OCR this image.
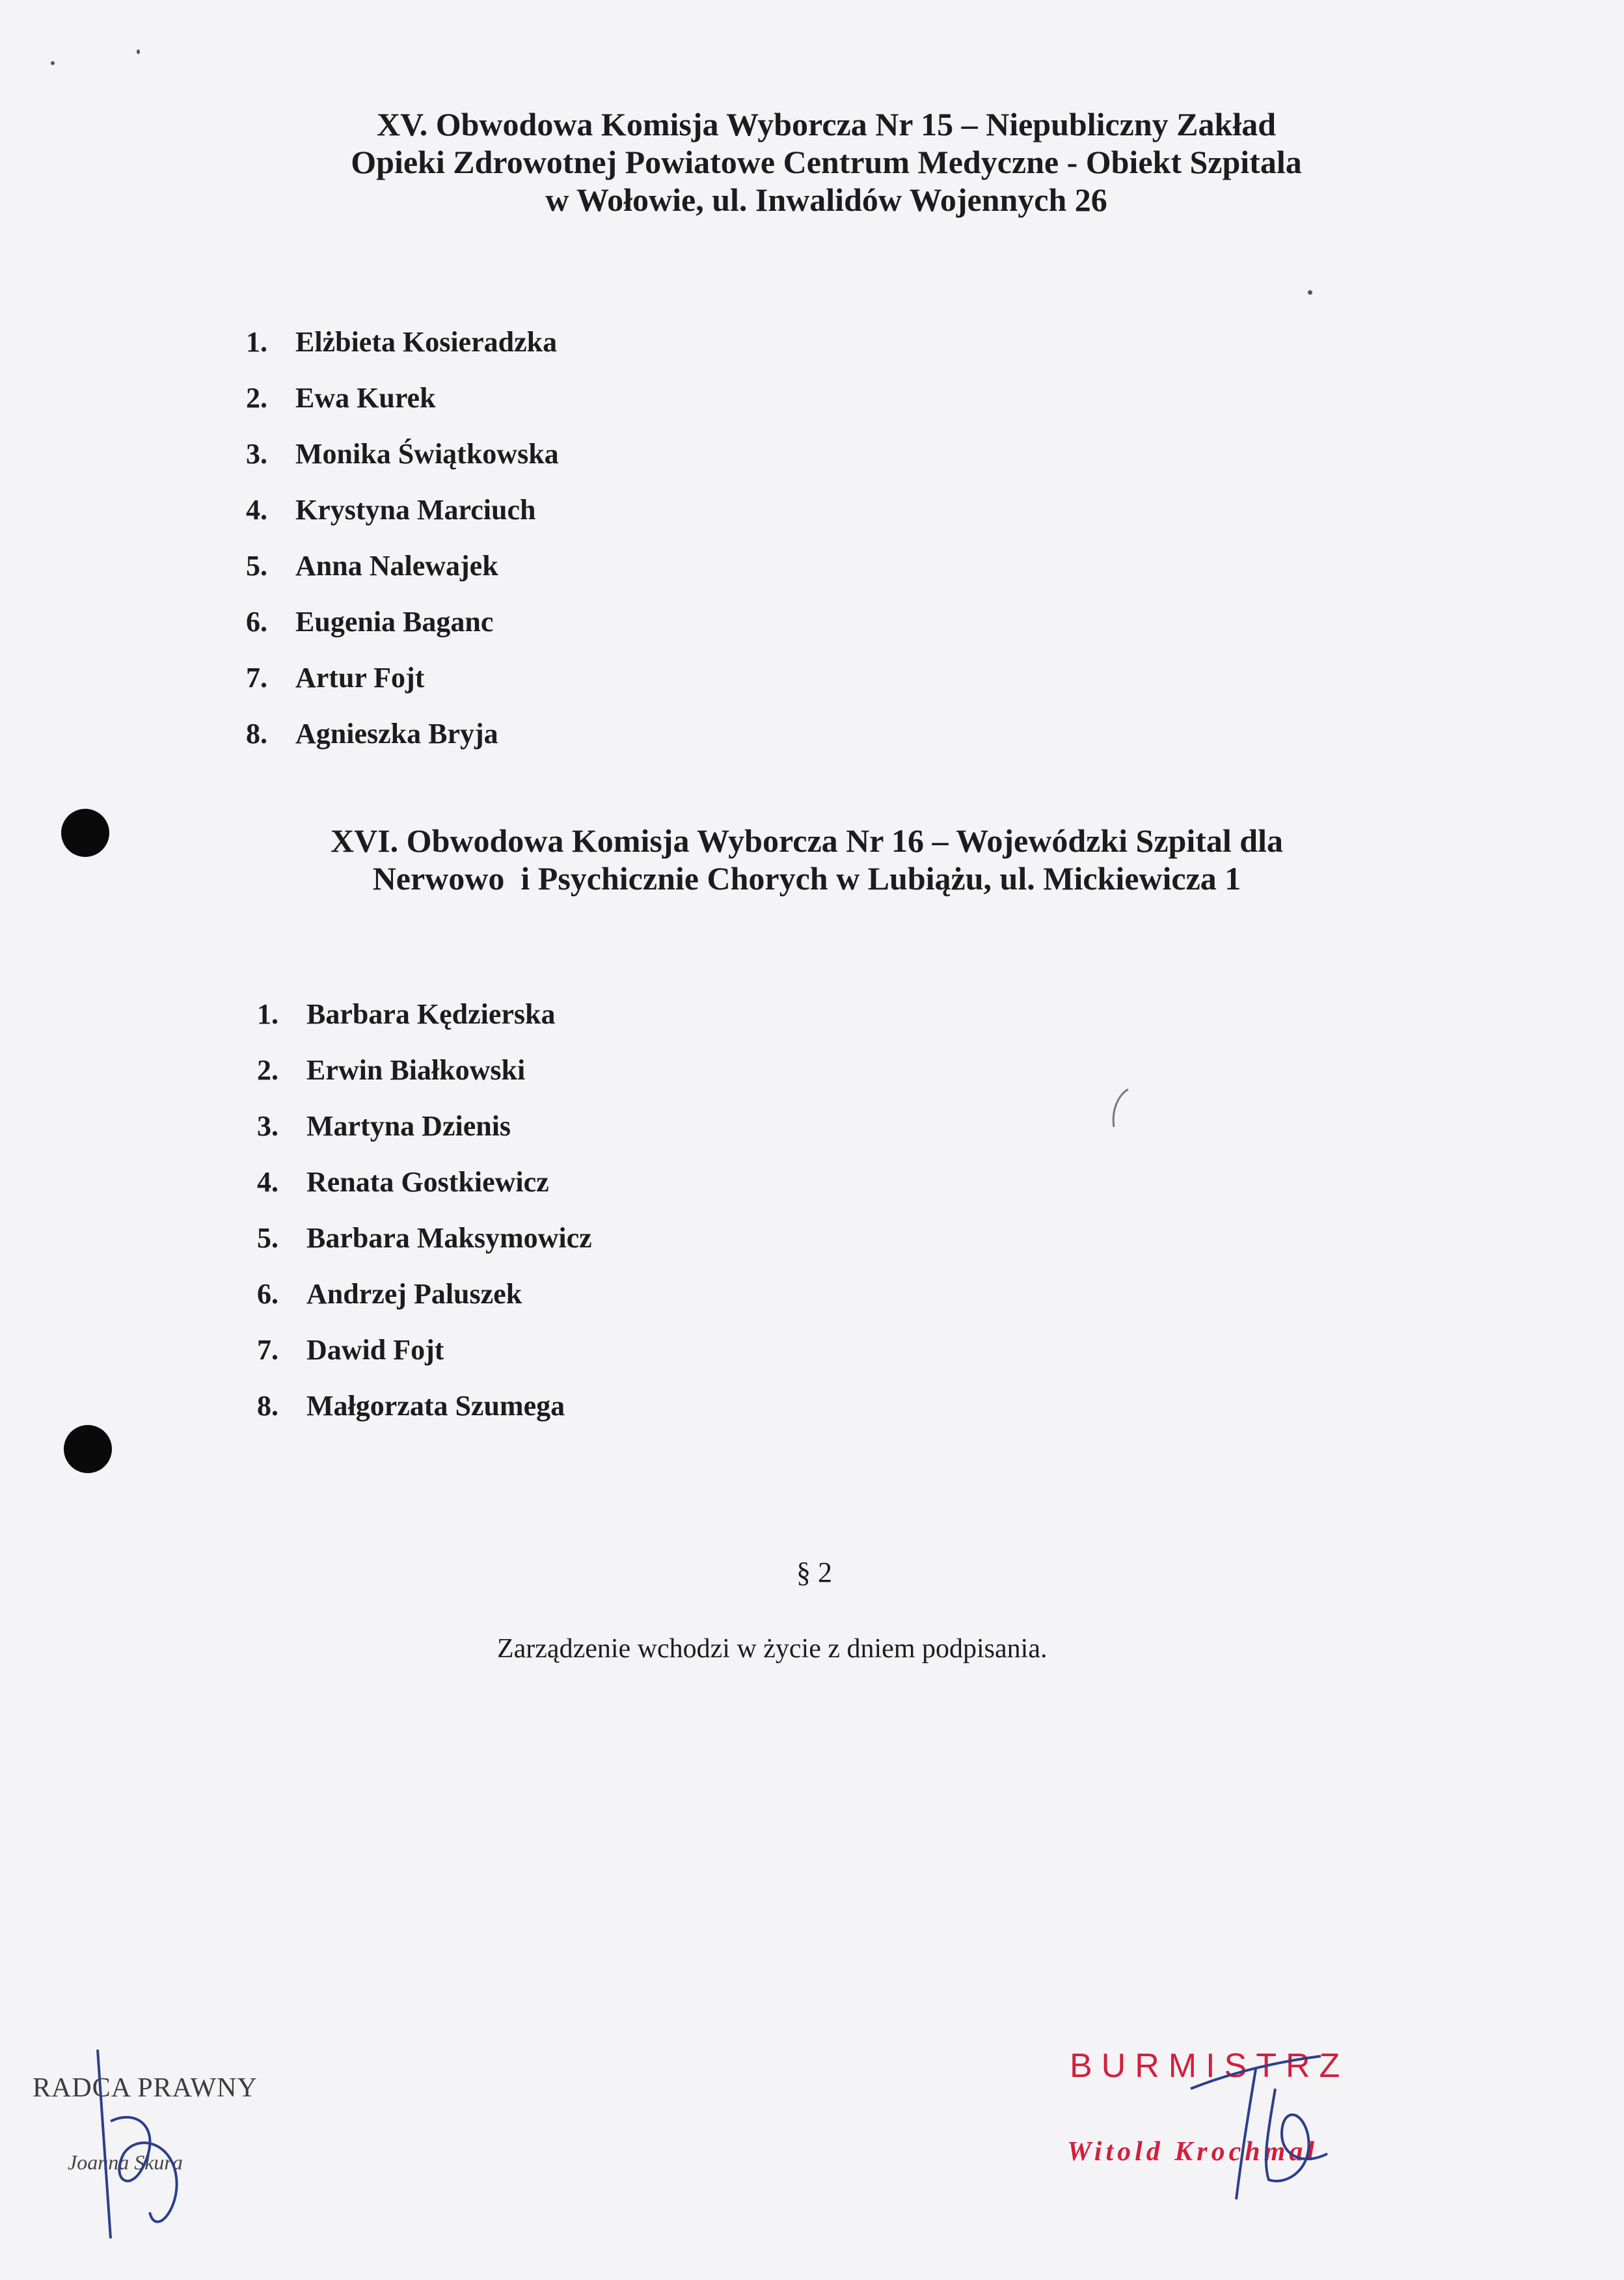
XV. Obwodowa Komisja Wyborcza Nr 15 – Niepubliczny Zakład
Opieki Zdrowotnej Powiatowe Centrum Medyczne - Obiekt Szpitala
w Wołowie, ul. Inwalidów Wojennych 26
1. Elżbieta Kosieradzka
2. Ewa Kurek
3. Monika Świątkowska
4. Krystyna Marciuch
5. Anna Nalewajek
6. Eugenia Baganc
7. Artur Fojt
8. Agnieszka Bryja
XVI. Obwodowa Komisja Wyborcza Nr 16 – Wojewódzki Szpital dla
Nerwowo  i Psychicznie Chorych w Lubiążu, ul. Mickiewicza 1
1. Barbara Kędzierska
2. Erwin Białkowski
3. Martyna Dzienis
4. Renata Gostkiewicz
5. Barbara Maksymowicz
6. Andrzej Paluszek
7. Dawid Fojt
8. Małgorzata Szumega
§ 2
Zarządzenie wchodzi w życie z dniem podpisania.
RADCA PRAWNY
Joanna Skura
BURMISTRZ
Witold Krochmal
